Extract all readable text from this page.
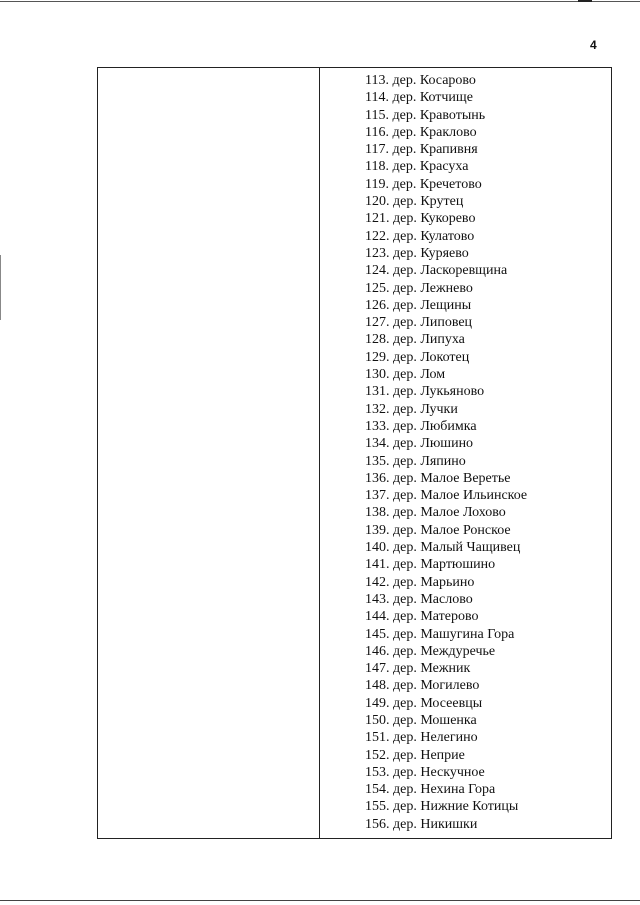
4
113. дер. Косарово
114. дер. Котчище
115. дер. Кравотынь
116. дер. Краклово
117. дер. Крапивня
118. дер. Красуха
119. дер. Кречетово
120. дер. Крутец
121. дер. Кукорево
122. дер. Кулатово
123. дер. Куряево
124. дер. Ласкоревщина
125. дер. Лежнево
126. дер. Лещины
127. дер. Липовец
128. дер. Липуха
129. дер. Локотец
130. дер. Лом
131. дер. Лукьяново
132. дер. Лучки
133. дер. Любимка
134. дер. Люшино
135. дер. Ляпино
136. дер. Малое Веретье
137. дер. Малое Ильинское
138. дер. Малое Лохово
139. дер. Малое Ронское
140. дер. Малый Чащивец
141. дер. Мартюшино
142. дер. Марьино
143. дер. Маслово
144. дер. Матерово
145. дер. Машугина Гора
146. дер. Междуречье
147. дер. Межник
148. дер. Могилево
149. дер. Мосеевцы
150. дер. Мошенка
151. дер. Нелегино
152. дер. Неприе
153. дер. Нескучное
154. дер. Нехина Гора
155. дер. Нижние Котицы
156. дер. Никишки
